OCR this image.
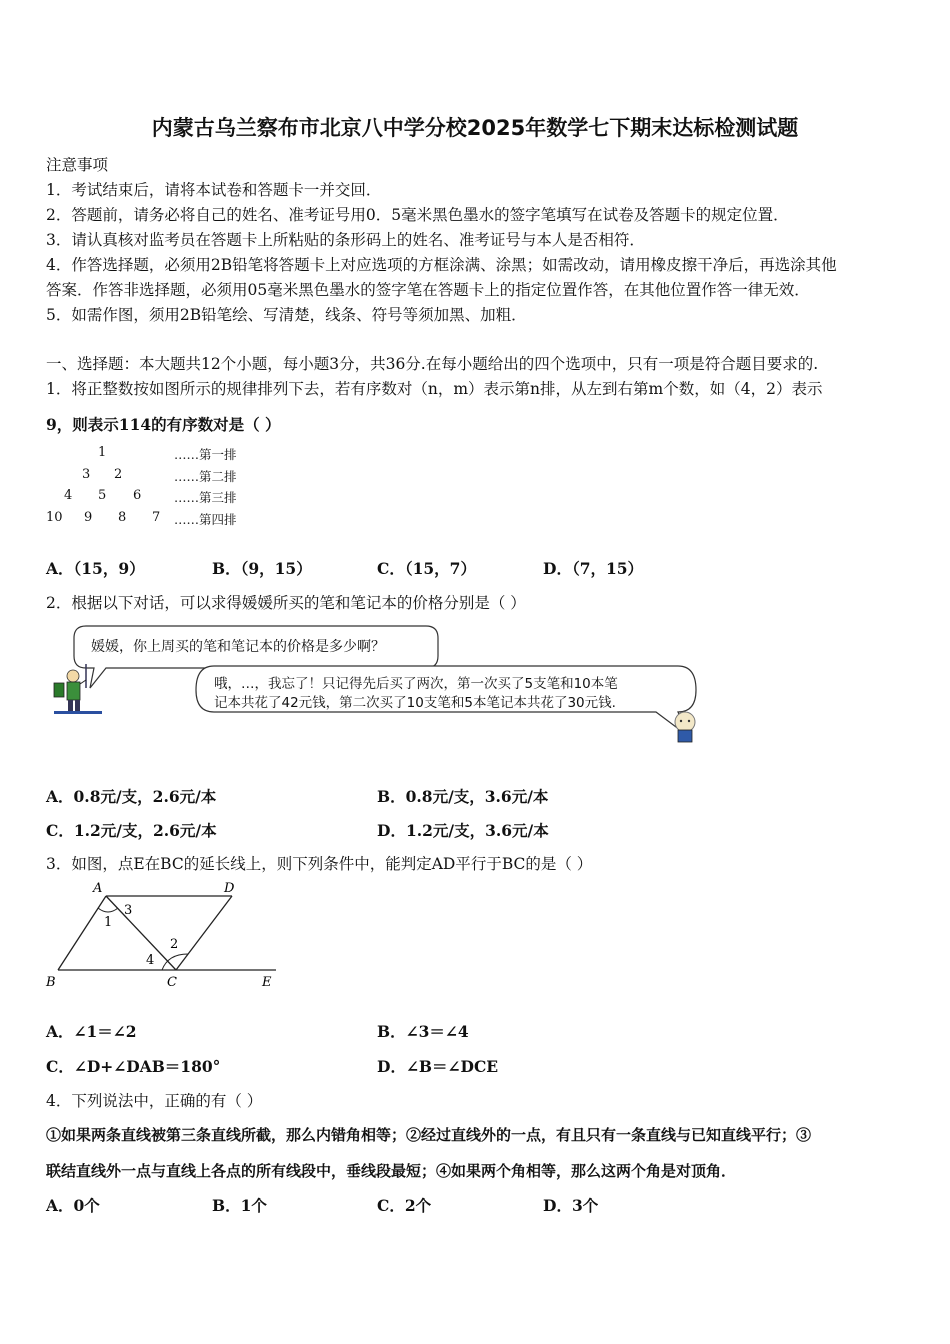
内蒙古乌兰察布市北京八中学分校2025年数学七下期末达标检测试题
注意事项
1．考试结束后，请将本试卷和答题卡一并交回．
2．答题前，请务必将自己的姓名、准考证号用0．5毫米黑色墨水的签字笔填写在试卷及答题卡的规定位置．
3．请认真核对监考员在答题卡上所粘贴的条形码上的姓名、准考证号与本人是否相符．
4．作答选择题，必须用2B铅笔将答题卡上对应选项的方框涂满、涂黑；如需改动，请用橡皮擦干净后，再选涂其他
答案．作答非选择题，必须用05毫米黑色墨水的签字笔在答题卡上的指定位置作答，在其他位置作答一律无效．
5．如需作图，须用2B铅笔绘、写清楚，线条、符号等须加黑、加粗．
一、选择题：本大题共12个小题，每小题3分，共36分.在每小题给出的四个选项中，只有一项是符合题目要求的.
1．将正整数按如图所示的规律排列下去，若有序数对（n，m）表示第n排，从左到右第m个数，如（4，2）表示
9，则表示114的有序数对是（ ）
1
3 2
4 5 6
10 9 8 7
……第一排
……第二排
……第三排
……第四排
A．（15，9）	B．（9，15）	C．（15，7）	D．（7，15）
2．根据以下对话，可以求得媛媛所买的笔和笔记本的价格分别是（ ）
媛媛，你上周买的笔和笔记本的价格是多少啊？
哦，…，我忘了！只记得先后买了两次，第一次买了5支笔和10本笔
记本共花了42元钱，第二次买了10支笔和5本笔记本共花了30元钱.
A．0.8元/支，2.6元/本	B．0.8元/支，3.6元/本
C．1.2元/支，2.6元/本	D．1.2元/支，3.6元/本
3．如图，点E在BC的延长线上，则下列条件中，能判定AD平行于BC的是（ ）
A	D
B	C	E
1
2
3
4
A．∠1＝∠2	B．∠3＝∠4
C．∠D+∠DAB＝180°	D．∠B＝∠DCE
4．下列说法中，正确的有（ ）
①如果两条直线被第三条直线所截，那么内错角相等；②经过直线外的一点，有且只有一条直线与已知直线平行；③
联结直线外一点与直线上各点的所有线段中，垂线段最短；④如果两个角相等，那么这两个角是对顶角．
A．0个	B．1个	C．2个	D．3个
